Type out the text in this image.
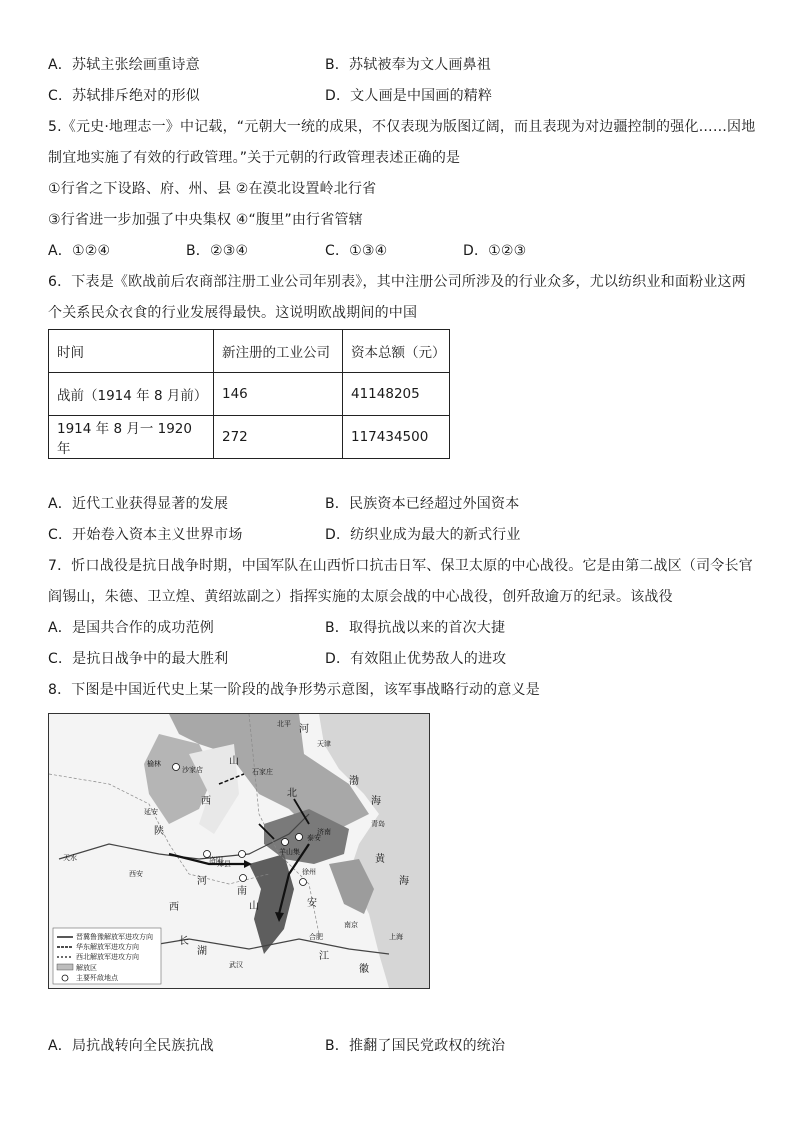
A．苏轼主张绘画重诗意	B．苏轼被奉为文人画鼻祖
C．苏轼排斥绝对的形似	D．文人画是中国画的精粹
5.《元史·地理志一》中记载，“元朝大一统的成果，不仅表现为版图辽阔，而且表现为对边疆控制的强化……因地
制宜地实施了有效的行政管理。”关于元朝的行政管理表述正确的是
①行省之下设路、府、州、县 ②在漠北设置岭北行省
③行省进一步加强了中央集权 ④“腹里”由行省管辖
A．①②④	B．②③④	C．①③④	D．①②③
6．下表是《欧战前后农商部注册工业公司年别表》，其中注册公司所涉及的行业众多，尤以纺织业和面粉业这两
个关系民众衣食的行业发展得最快。这说明欧战期间的中国
时间	新注册的工业公司	资本总额（元）
战前（1914 年 8 月前）	146	41148205
1914 年 8 月一 1920 年	272	117434500
A．近代工业获得显著的发展	B．民族资本已经超过外国资本
C．开始卷入资本主义世界市场	D．纺织业成为最大的新式行业
7．忻口战役是抗日战争时期，中国军队在山西忻口抗击日军、保卫太原的中心战役。它是由第二战区（司令长官
阎锡山，朱德、卫立煌、黄绍竑副之）指挥实施的太原会战的中心战役，创歼敌逾万的纪录。该战役
A．是国共合作的成功范例	B．取得抗战以来的首次大捷
C．是抗日战争中的最大胜利	D．有效阻止优势敌人的进攻
8．下图是中国近代史上某一阶段的战争形势示意图，该军事战略行动的意义是
北平
天津
石家庄
榆林
沙家店
延安
济南
青岛
泰安
羊山集
郑县
徐州
天水
西安
合肥
南京
上海
武汉
洛阳
河
山
北
渤
海
西
陕
黄
海
河
南
安
江
徽
湖
长
西	山
晋冀鲁豫解放军进攻方向
华东解放军进攻方向
西北解放军进攻方向
解放区
主要歼敌地点
A．局抗战转向全民族抗战	B．推翻了国民党政权的统治
